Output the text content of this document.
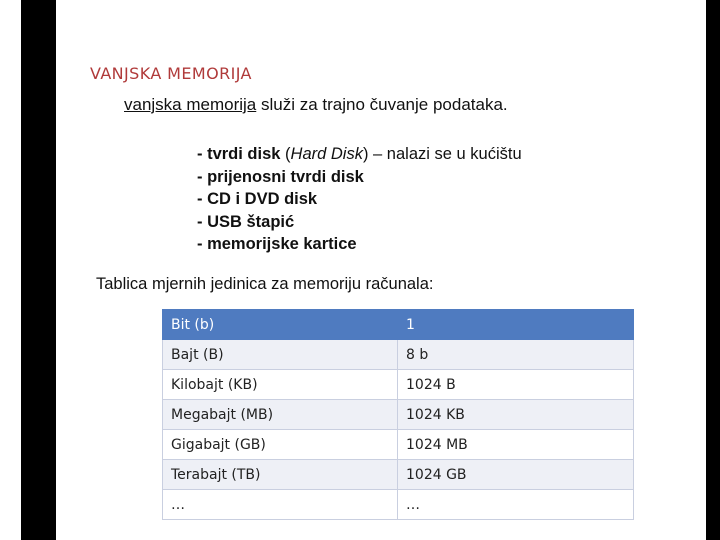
VANJSKA MEMORIJA
vanjska memorija služi za trajno čuvanje podataka.
- tvrdi disk (Hard Disk) – nalazi se u kućištu
- prijenosni tvrdi disk
- CD i DVD disk
- USB štapić
- memorijske kartice
Tablica mjernih jedinica za memoriju računala:
Bit (b)	1
Bajt (B)	8 b
Kilobajt (KB)	1024 B
Megabajt (MB)	1024 KB
Gigabajt (GB)	1024 MB
Terabajt (TB)	1024 GB
…	…
